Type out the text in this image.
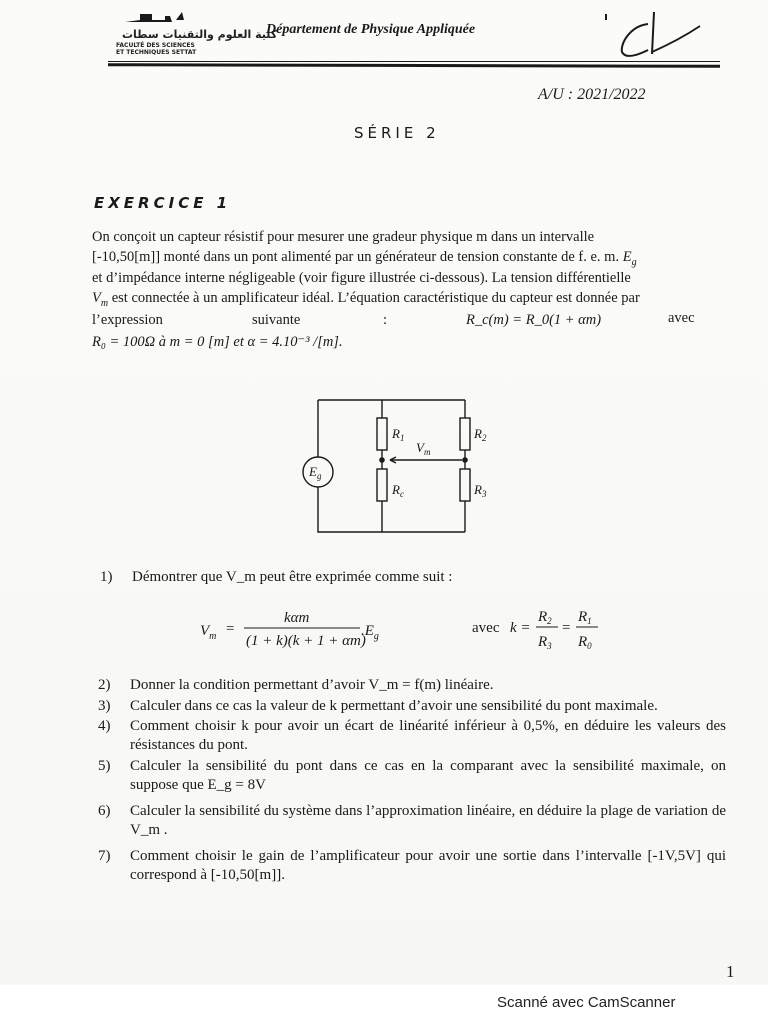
كلية العلوم والتقنيات سطات
FACULTÉ DES SCIENCES
ET TECHNIQUES SETTAT
Département de Physique Appliquée
A/U : 2021/2022
SÉRIE 2
EXERCICE 1
On conçoit un capteur résistif pour mesurer une gradeur physique m dans un intervalle
[-10,50[m]] monté dans un pont alimenté par un générateur de tension constante de f. e. m. $E_g$
et d’impédance interne négligeable (voir figure illustrée ci-dessous). La tension différentielle
$V_m$ est connectée à un amplificateur idéal. L’équation caractéristique du capteur est donnée par
l’expression	suivante	:	R_c(m) = R_0(1 + αm)	avec
R₀ = 100Ω à m = 0 [m] et α = 4.10⁻³ /[m].
$R_1$	$R_2$
$R_c$	$R_3$
$V_m$
$E_g$
1) Démontrer que V_m peut être exprimée comme suit :
$V_m$ =
kαm
(1 + k)(k + 1 + αm)
$.E_g$
avec k =
$R_2$
$R_3$
=
$R_1$
$R_0$
2) Donner la condition permettant d’avoir V_m = f(m) linéaire.
3) Calculer dans ce cas la valeur de k permettant d’avoir une sensibilité du pont maximale.
4) Comment choisir k pour avoir un écart de linéarité inférieur à 0,5%, en déduire les valeurs des résistances du pont.
5) Calculer la sensibilité du pont dans ce cas en la comparant avec la sensibilité maximale, on suppose que E_g = 8V
6) Calculer la sensibilité du système dans l’approximation linéaire, en déduire la plage de variation de V_m .
7) Comment choisir le gain de l’amplificateur pour avoir une sortie dans l’intervalle [-1V,5V] qui correspond à [-10,50[m]].
1
Scanné avec CamScanner
